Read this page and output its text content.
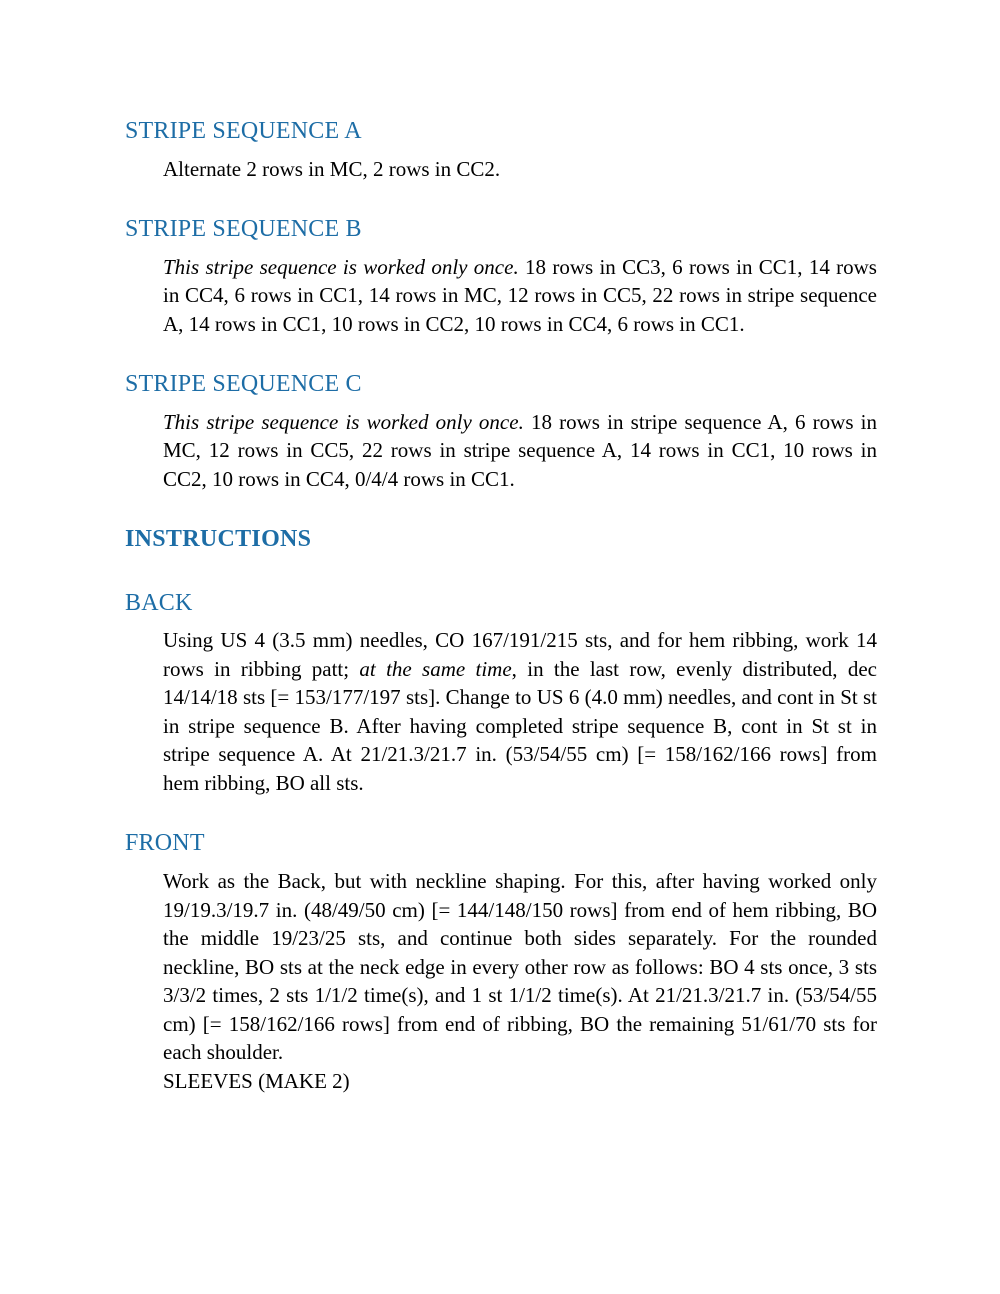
STRIPE SEQUENCE A

Alternate 2 rows in MC, 2 rows in CC2.

STRIPE SEQUENCE B

This stripe sequence is worked only once. 18 rows in CC3, 6 rows in CC1, 14 rows in CC4, 6 rows in CC1, 14 rows in MC, 12 rows in CC5, 22 rows in stripe sequence A, 14 rows in CC1, 10 rows in CC2, 10 rows in CC4, 6 rows in CC1.

STRIPE SEQUENCE C

This stripe sequence is worked only once. 18 rows in stripe sequence A, 6 rows in MC, 12 rows in CC5, 22 rows in stripe sequence A, 14 rows in CC1, 10 rows in CC2, 10 rows in CC4, 0/4/4 rows in CC1.

INSTRUCTIONS
BACK

Using US 4 (3.5 mm) needles, CO 167/191/215 sts, and for hem ribbing, work 14 rows in ribbing patt; at the same time, in the last row, evenly distributed, dec 14/14/18 sts [= 153/177/197 sts]. Change to US 6 (4.0 mm) needles, and cont in St st in stripe sequence B. After having completed stripe sequence B, cont in St st in stripe sequence A. At 21/21.3/21.7 in. (53/54/55 cm) [= 158/162/166 rows] from hem ribbing, BO all sts.

FRONT

Work as the Back, but with neckline shaping. For this, after having worked only 19/19.3/19.7 in. (48/49/50 cm) [= 144/148/150 rows] from end of hem ribbing, BO the middle 19/23/25 sts, and continue both sides separately. For the rounded neckline, BO sts at the neck edge in every other row as follows: BO 4 sts once, 3 sts 3/3/2 times, 2 sts 1/1/2 time(s), and 1 st 1/1/2 time(s). At 21/21.3/21.7 in. (53/54/55 cm) [= 158/162/166 rows] from end of ribbing, BO the remaining 51/61/70 sts for each shoulder.

SLEEVES (MAKE 2)
